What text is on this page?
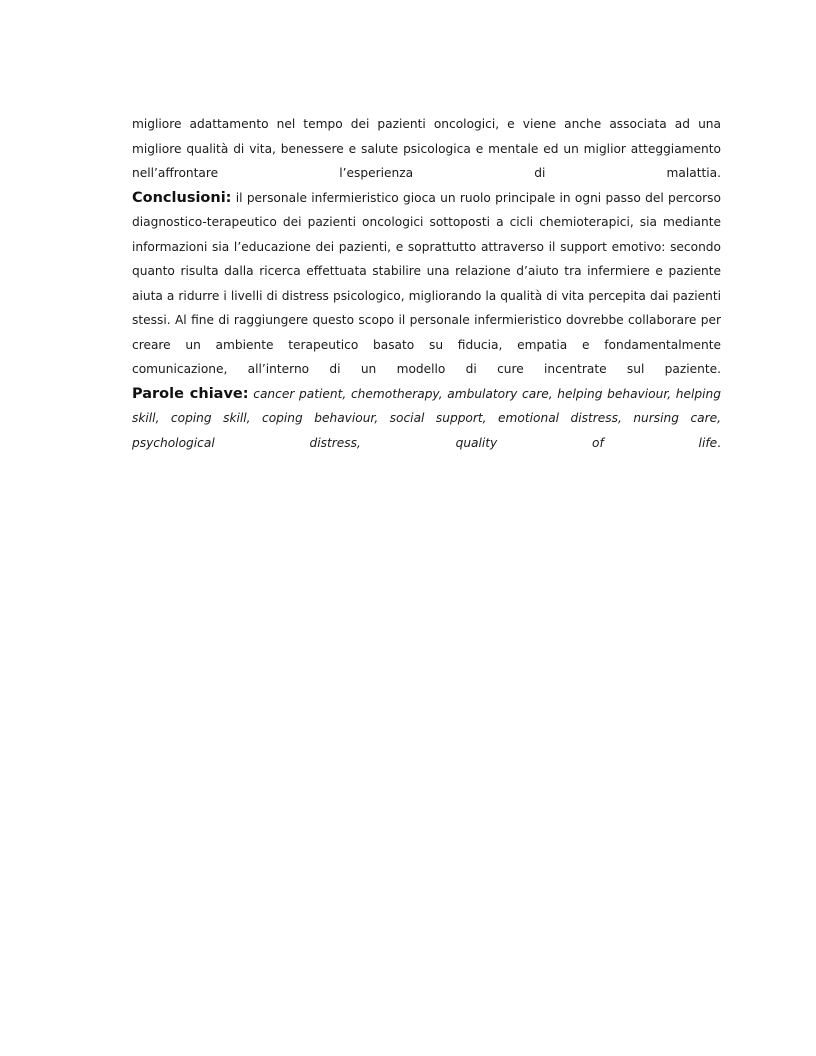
migliore adattamento nel tempo dei pazienti oncologici, e viene anche associata ad una migliore qualità di vita, benessere e salute psicologica e mentale ed un miglior atteggiamento nell’affrontare l’esperienza di malattia.

Conclusioni: il personale infermieristico gioca un ruolo principale in ogni passo del percorso diagnostico-terapeutico dei pazienti oncologici sottoposti a cicli chemioterapici, sia mediante informazioni sia l’educazione dei pazienti, e soprattutto attraverso il support emotivo: secondo quanto risulta dalla ricerca effettuata stabilire una relazione d’aiuto tra infermiere e paziente aiuta a ridurre i livelli di distress psicologico, migliorando la qualità di vita percepita dai pazienti stessi. Al fine di raggiungere questo scopo il personale infermieristico dovrebbe collaborare per creare un ambiente terapeutico basato su fiducia, empatia e fondamentalmente comunicazione, all’interno di un modello di cure incentrate sul paziente.

Parole chiave: cancer patient, chemotherapy, ambulatory care, helping behaviour, helping skill, coping skill, coping behaviour, social support, emotional distress, nursing care, psychological distress, quality of life.
